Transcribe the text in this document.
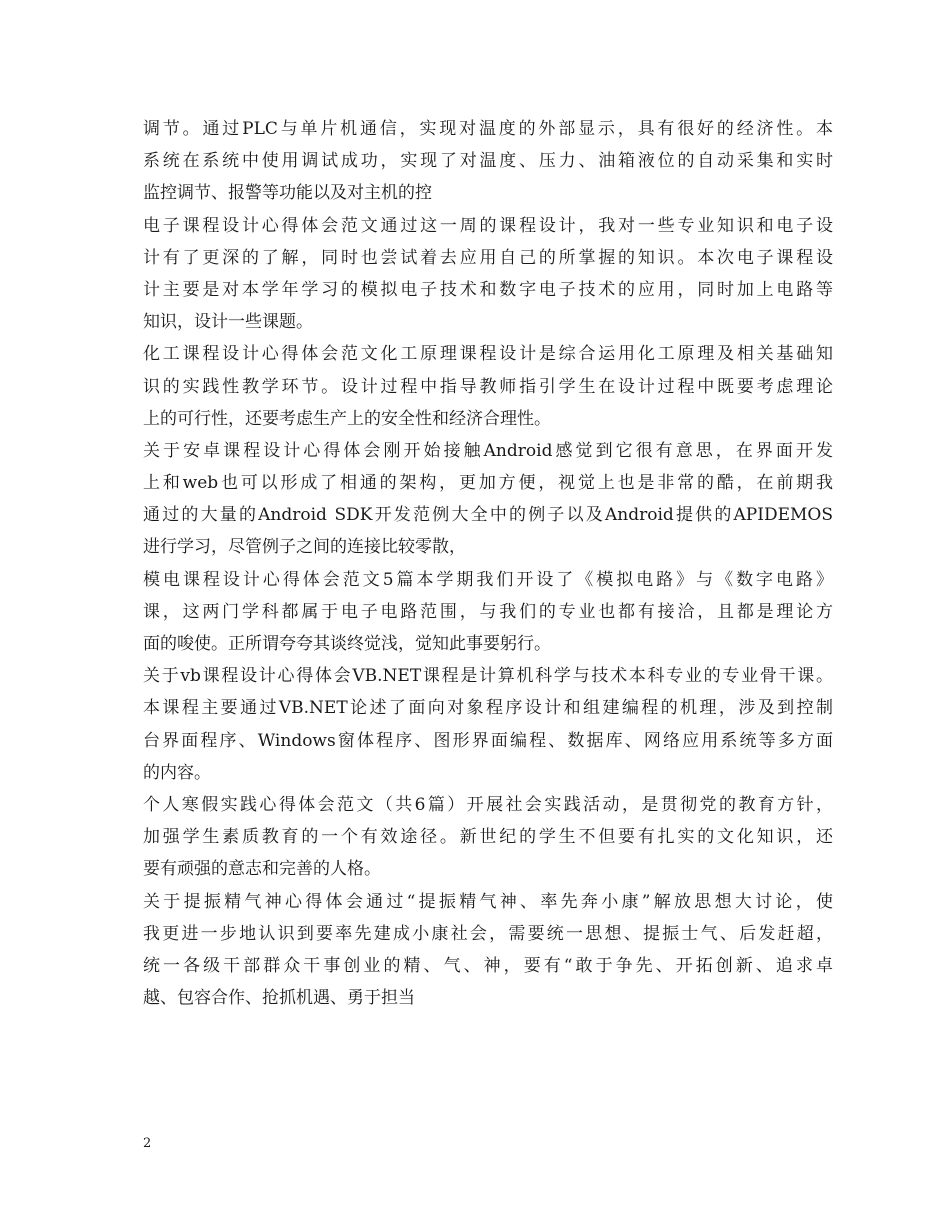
调节。通过PLC与单片机通信，实现对温度的外部显示，具有很好的经济性。本
系统在系统中使用调试成功，实现了对温度、压力、油箱液位的自动采集和实时
监控调节、报警等功能以及对主机的控
电子课程设计心得体会范文通过这一周的课程设计，我对一些专业知识和电子设
计有了更深的了解，同时也尝试着去应用自己的所掌握的知识。本次电子课程设
计主要是对本学年学习的模拟电子技术和数字电子技术的应用，同时加上电路等
知识，设计一些课题。
化工课程设计心得体会范文化工原理课程设计是综合运用化工原理及相关基础知
识的实践性教学环节。设计过程中指导教师指引学生在设计过程中既要考虑理论
上的可行性，还要考虑生产上的安全性和经济合理性。
关于安卓课程设计心得体会刚开始接触Android感觉到它很有意思，在界面开发
上和web也可以形成了相通的架构，更加方便，视觉上也是非常的酷，在前期我
通过的大量的Android SDK开发范例大全中的例子以及Android提供的APIDEMOS
进行学习，尽管例子之间的连接比较零散，
模电课程设计心得体会范文5篇本学期我们开设了《模拟电路》与《数字电路》
课，这两门学科都属于电子电路范围，与我们的专业也都有接洽，且都是理论方
面的唆使。正所谓夸夸其谈终觉浅，觉知此事要躬行。
关于vb课程设计心得体会VB.NET课程是计算机科学与技术本科专业的专业骨干课。
本课程主要通过VB.NET论述了面向对象程序设计和组建编程的机理，涉及到控制
台界面程序、Windows窗体程序、图形界面编程、数据库、网络应用系统等多方面
的内容。
个人寒假实践心得体会范文（共6篇）开展社会实践活动，是贯彻党的教育方针，
加强学生素质教育的一个有效途径。新世纪的学生不但要有扎实的文化知识，还
要有顽强的意志和完善的人格。
关于提振精气神心得体会通过“提振精气神、率先奔小康”解放思想大讨论，使
我更进一步地认识到要率先建成小康社会，需要统一思想、提振士气、后发赶超，
统一各级干部群众干事创业的精、气、神，要有“敢于争先、开拓创新、追求卓
越、包容合作、抢抓机遇、勇于担当
2
